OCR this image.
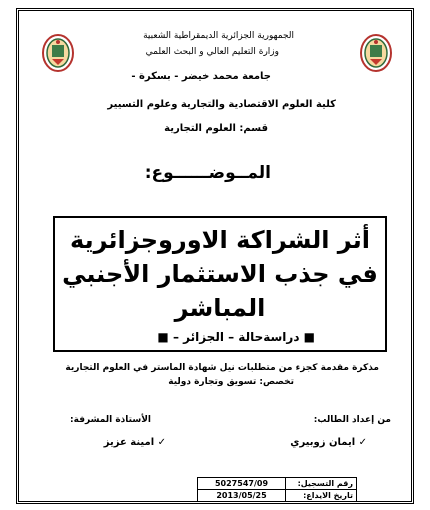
الجمهورية الجزائرية الديمقراطية الشعبية
وزارة التعليم العالي و البحث العلمي
جامعة محمد خيضر - بسكرة -
كلية العلوم الاقتصادية والتجارية وعلوم التسيير
قسم: العلوم التجارية
المــوضــــــوع:
أثر الشراكة الاوروجزائرية
في جذب الاستثمار الأجنبي
المباشر
■ دراسةحالة – الجزائر – ■
مذكرة مقدمة كجزء من متطلبات نيل شهادة الماستر في العلوم التجارية
تخصص: تسويق وتجارة دولية
من إعداد الطالب:
✓ ايمان زوبيري
الأستاذة المشرفة:
✓ امينة عزيز
رقم التسجيل:	5027547/09
تاريخ الايداع:	2013/05/25
